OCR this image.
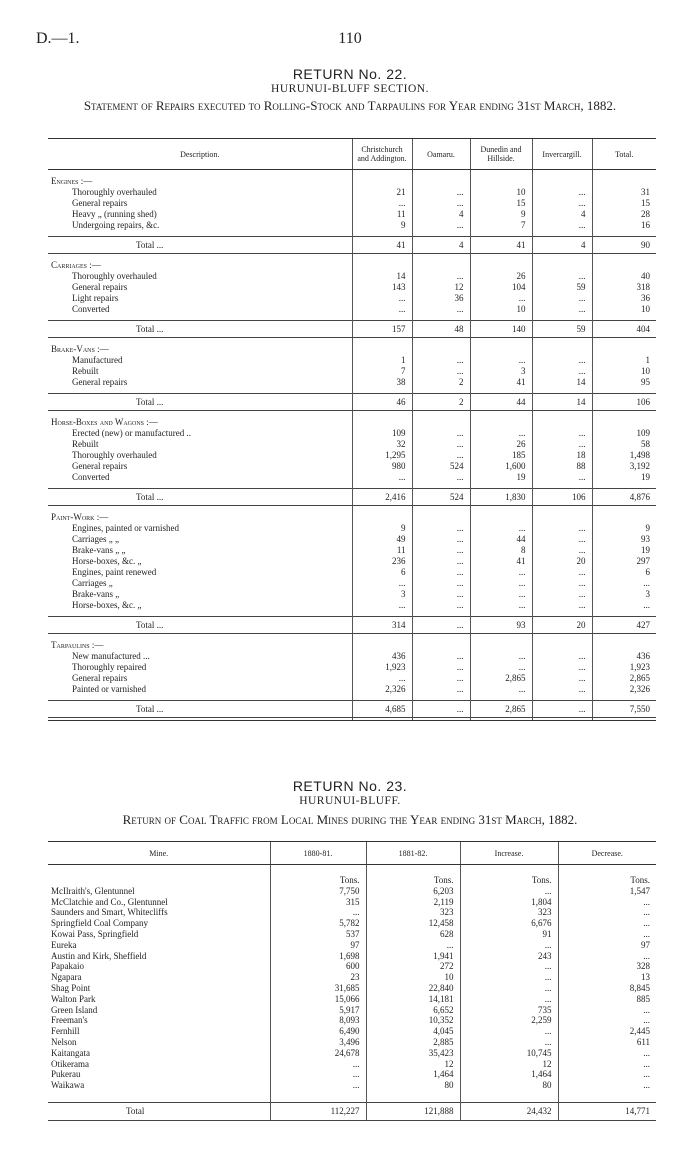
D.—1.	110
RETURN No. 22.
HURUNUI-BLUFF SECTION.
Statement of Repairs executed to Rolling-Stock and Tarpaulins for Year ending 31st March, 1882.
Description.	Christchurch and Addington.	Oamaru.	Dunedin and Hillside.	Invercargill.	Total.
Engines :—					
Thoroughly overhauled	21	...	10	...	31
General repairs	...	...	15	...	15
Heavy „ (running shed)	11	4	9	4	28
Undergoing repairs, &c.	9	...	7	...	16

Total ...	41	4	41	4	90
Carriages :—					
Thoroughly overhauled	14	...	26	...	40
General repairs	143	12	104	59	318
Light repairs	...	36	...	...	36
Converted	...	...	10	...	10

Total ...	157	48	140	59	404
Brake-Vans :—					
Manufactured	1	...	...	...	1
Rebuilt	7	...	3	...	10
General repairs	38	2	41	14	95

Total ...	46	2	44	14	106
Horse-Boxes and Wagons :—					
Erected (new) or manufactured ..	109	...	...	...	109
Rebuilt	32	...	26	...	58
Thoroughly overhauled	1,295	...	185	18	1,498
General repairs	980	524	1,600	88	3,192
Converted	...	...	19	...	19

Total ...	2,416	524	1,830	106	4,876
Paint-Work :—					
Engines, painted or varnished	9	...	...	...	9
Carriages „ „	49	...	44	...	93
Brake-vans „ „	11	...	8	...	19
Horse-boxes, &c. „	236	...	41	20	297
Engines, paint renewed	6	...	...	...	6
Carriages „	...	...	...	...	...
Brake-vans „	3	...	...	...	3
Horse-boxes, &c. „	...	...	...	...	...

Total ...	314	...	93	20	427
Tarpaulins :—					
New manufactured ...	436	...	...	...	436
Thoroughly repaired	1,923	...	...	...	1,923
General repairs	...	...	2,865	...	2,865
Painted or varnished	2,326	...	...	...	2,326

Total ...	4,685	...	2,865	...	7,550

RETURN No. 23.
HURUNUI-BLUFF.
Return of Coal Traffic from Local Mines during the Year ending 31st March, 1882.
Mine.	1880-81.	1881-82.	Increase.	Decrease.
	Tons.	Tons.	Tons.	Tons.
McIlraith's, Glentunnel	7,750	6,203	...	1,547
McClatchie and Co., Glentunnel	315	2,119	1,804	...
Saunders and Smart, Whitecliffs	...	323	323	...
Springfield Coal Company	5,782	12,458	6,676	...
Kowai Pass, Springfield	537	628	91	...
Eureka	97	...	...	97
Austin and Kirk, Sheffield	1,698	1,941	243	...
Papakaio	600	272	...	328
Ngapara	23	10	...	13
Shag Point	31,685	22,840	...	8,845
Walton Park	15,066	14,181	...	885
Green Island	5,917	6,652	735	...
Freeman's	8,093	10,352	2,259	...
Fernhill	6,490	4,045	...	2,445
Nelson	3,496	2,885	...	611
Kaitangata	24,678	35,423	10,745	...
Otikerama	...	12	12	...
Pukerau	...	1,464	1,464	...
Waikawa	...	80	80	...

Total	112,227	121,888	24,432	14,771
